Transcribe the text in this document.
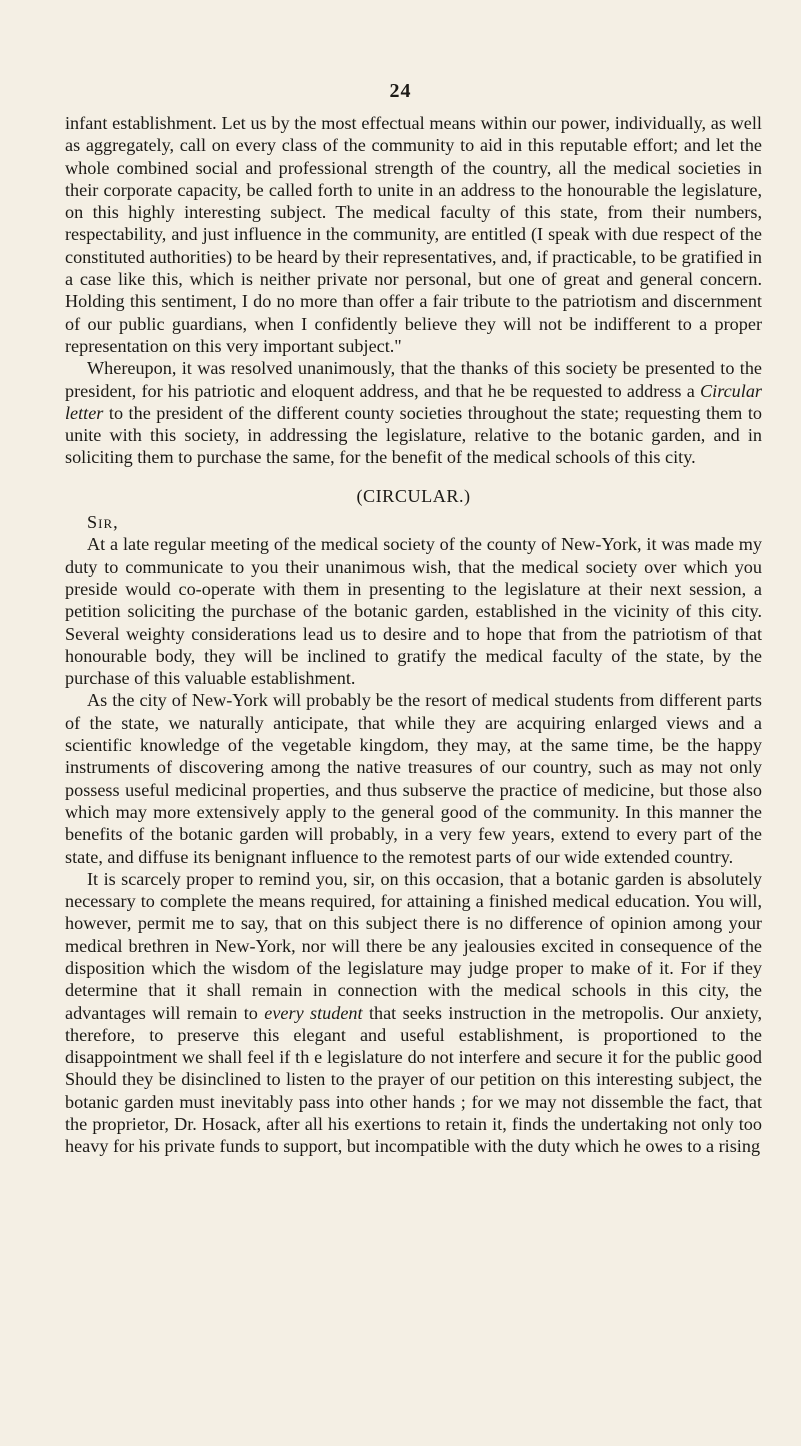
24

infant establishment. Let us by the most effectual means within our power, individually, as well as aggregately, call on every class of the community to aid in this reputable effort; and let the whole combined social and professional strength of the country, all the medical societies in their corporate capacity, be called forth to unite in an address to the honourable the legislature, on this highly interesting subject. The medical faculty of this state, from their numbers, respectability, and just influence in the community, are entitled (I speak with due respect of the constituted authorities) to be heard by their representatives, and, if practicable, to be gratified in a case like this, which is neither private nor personal, but one of great and general concern. Holding this sentiment, I do no more than offer a fair tribute to the patriotism and discernment of our public guardians, when I confidently believe they will not be indifferent to a proper representation on this very important subject."

Whereupon, it was resolved unanimously, that the thanks of this society be presented to the president, for his patriotic and eloquent address, and that he be requested to address a Circular letter to the president of the different county societies throughout the state; requesting them to unite with this society, in addressing the legislature, relative to the botanic garden, and in soliciting them to purchase the same, for the benefit of the medical schools of this city.

(CIRCULAR.)

Sir,

At a late regular meeting of the medical society of the county of New-York, it was made my duty to communicate to you their unanimous wish, that the medical society over which you preside would co-operate with them in presenting to the legislature at their next session, a petition soliciting the purchase of the botanic garden, established in the vicinity of this city. Several weighty considerations lead us to desire and to hope that from the patriotism of that honourable body, they will be inclined to gratify the medical faculty of the state, by the purchase of this valuable establishment.

As the city of New-York will probably be the resort of medical students from different parts of the state, we naturally anticipate, that while they are acquiring enlarged views and a scientific knowledge of the vegetable kingdom, they may, at the same time, be the happy instruments of discovering among the native treasures of our country, such as may not only possess useful medicinal properties, and thus subserve the practice of medicine, but those also which may more extensively apply to the general good of the community. In this manner the benefits of the botanic garden will probably, in a very few years, extend to every part of the state, and diffuse its benignant influence to the remotest parts of our wide extended country.

It is scarcely proper to remind you, sir, on this occasion, that a botanic garden is absolutely necessary to complete the means required, for attaining a finished medical education. You will, however, permit me to say, that on this subject there is no difference of opinion among your medical brethren in New-York, nor will there be any jealousies excited in consequence of the disposition which the wisdom of the legislature may judge proper to make of it. For if they determine that it shall remain in connection with the medical schools in this city, the advantages will remain to every student that seeks instruction in the metropolis. Our anxiety, therefore, to preserve this elegant and useful establishment, is proportioned to the disappointment we shall feel if th e legislature do not interfere and secure it for the public good Should they be disinclined to listen to the prayer of our petition on this interesting subject, the botanic garden must inevitably pass into other hands ; for we may not dissemble the fact, that the proprietor, Dr. Hosack, after all his exertions to retain it, finds the undertaking not only too heavy for his private funds to support, but incompatible with the duty which he owes to a rising
